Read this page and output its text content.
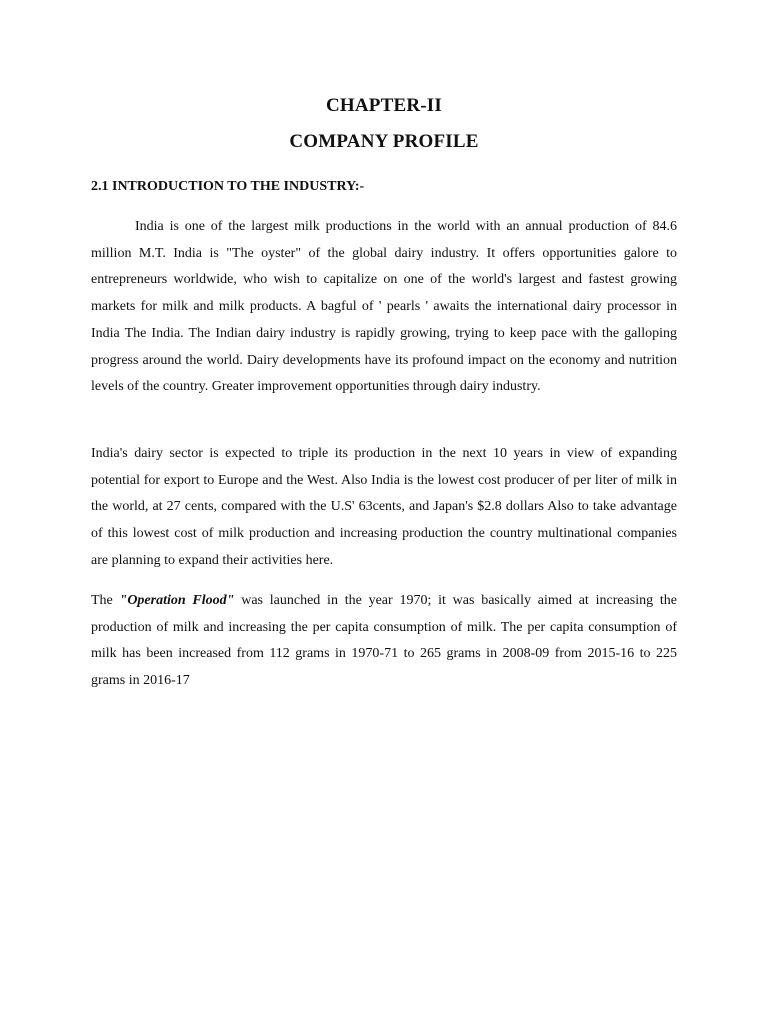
CHAPTER-II
COMPANY PROFILE
2.1 INTRODUCTION TO THE INDUSTRY:-

India is one of the largest milk productions in the world with an annual production of 84.6 million M.T. India is "The oyster" of the global dairy industry. It offers opportunities galore to entrepreneurs worldwide, who wish to capitalize on one of the world's largest and fastest growing markets for milk and milk products. A bagful of ' pearls ' awaits the international dairy processor in India The India. The Indian dairy industry is rapidly growing, trying to keep pace with the galloping progress around the world. Dairy developments have its profound impact on the economy and nutrition levels of the country. Greater improvement opportunities through dairy industry.

India's dairy sector is expected to triple its production in the next 10 years in view of expanding potential for export to Europe and the West. Also India is the lowest cost producer of per liter of milk in the world, at 27 cents, compared with the U.S' 63cents, and Japan's $2.8 dollars Also to take advantage of this lowest cost of milk production and increasing production the country multinational companies are planning to expand their activities here.

The "Operation Flood" was launched in the year 1970; it was basically aimed at increasing the production of milk and increasing the per capita consumption of milk. The per capita consumption of milk has been increased from 112 grams in 1970-71 to 265 grams in 2008-09 from 2015-16 to 225 grams in 2016-17
